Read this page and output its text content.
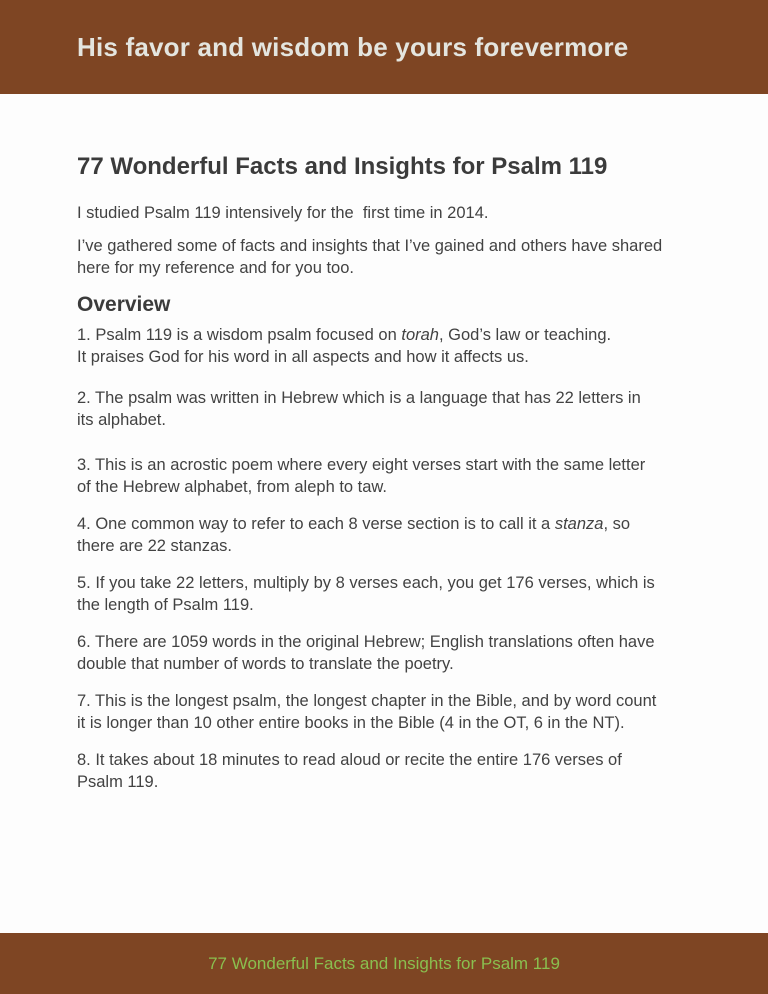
His favor and wisdom be yours forevermore
77 Wonderful Facts and Insights for Psalm 119

I studied Psalm 119 intensively for the  first time in 2014.

I’ve gathered some of facts and insights that I’ve gained and others have shared
here for my reference and for you too.

Overview

1. Psalm 119 is a wisdom psalm focused on torah, God’s law or teaching.
It praises God for his word in all aspects and how it affects us.

2. The psalm was written in Hebrew which is a language that has 22 letters in
its alphabet.

3. This is an acrostic poem where every eight verses start with the same letter
of the Hebrew alphabet, from aleph to taw.

4. One common way to refer to each 8 verse section is to call it a stanza, so
there are 22 stanzas.

5. If you take 22 letters, multiply by 8 verses each, you get 176 verses, which is
the length of Psalm 119.

6. There are 1059 words in the original Hebrew; English translations often have
double that number of words to translate the poetry.

7. This is the longest psalm, the longest chapter in the Bible, and by word count
it is longer than 10 other entire books in the Bible (4 in the OT, 6 in the NT).

8. It takes about 18 minutes to read aloud or recite the entire 176 verses of
Psalm 119.

77 Wonderful Facts and Insights for Psalm 119
